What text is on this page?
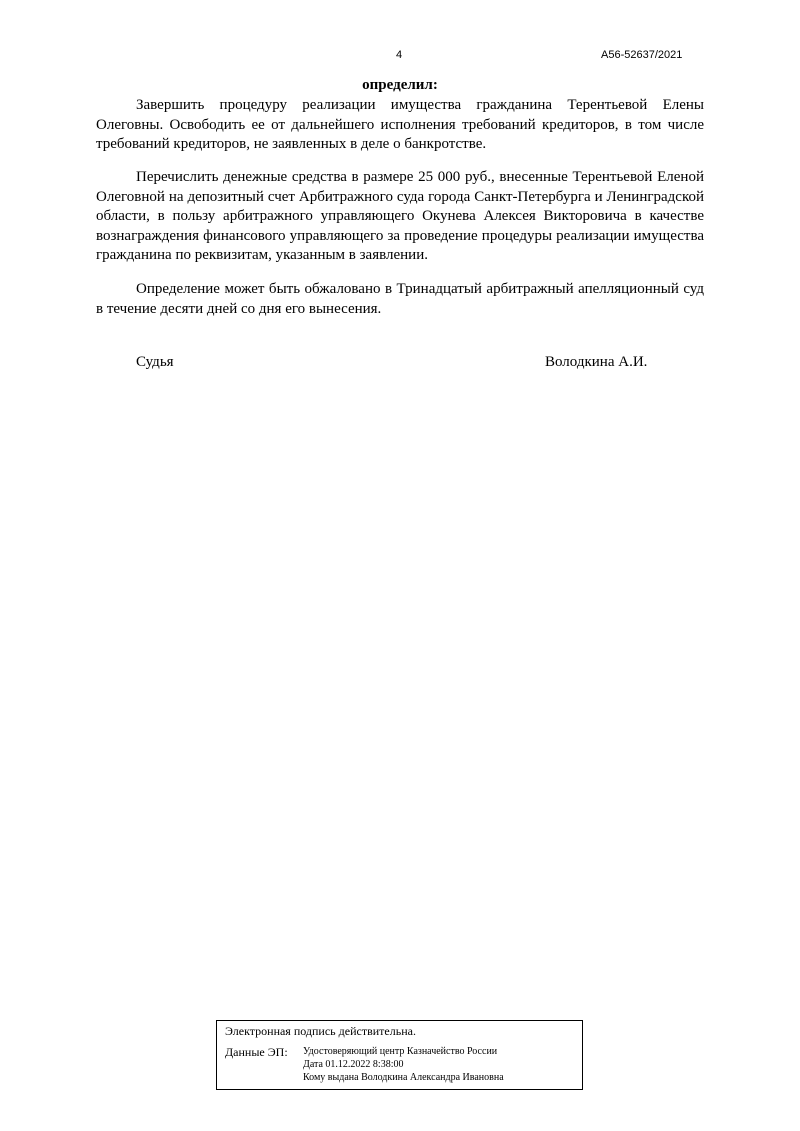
4	А56-52637/2021
определил:

Завершить процедуру реализации имущества гражданина Терентьевой Елены Олеговны. Освободить ее от дальнейшего исполнения требований кредиторов, в том числе требований кредиторов, не заявленных в деле о банкротстве.

Перечислить денежные средства в размере 25 000 руб., внесенные Терентьевой Еленой Олеговной на депозитный счет Арбитражного суда города Санкт-Петербурга и Ленинградской области, в пользу арбитражного управляющего Окунева Алексея Викторовича в качестве вознаграждения финансового управляющего за проведение процедуры реализации имущества гражданина по реквизитам, указанным в заявлении.

Определение может быть обжаловано в Тринадцатый арбитражный апелляционный суд в течение десяти дней со дня его вынесения.

Судья	Володкина А.И.
Электронная подпись действительна.
Данные ЭП: Удостоверяющий центр Казначейство России
Дата 01.12.2022 8:38:00
Кому выдана Володкина Александра Ивановна
